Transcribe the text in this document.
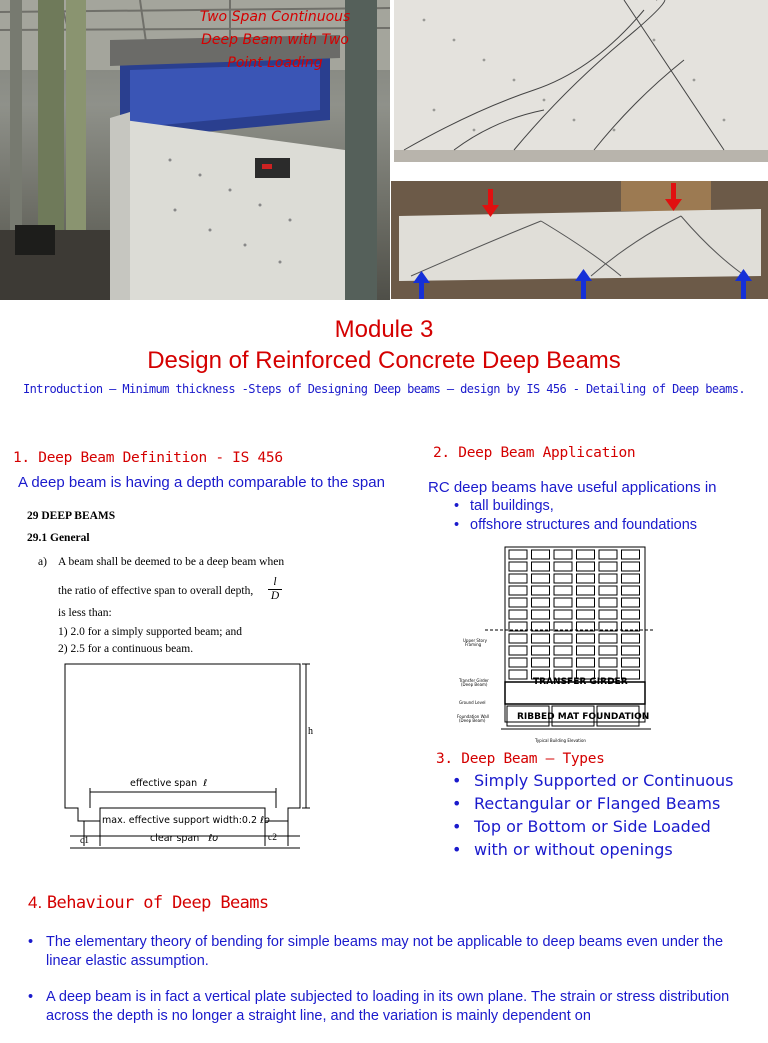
Two Span Continuous
Deep Beam with Two
Point Loading
Module 3
Design of Reinforced Concrete Deep Beams
Introduction – Minimum thickness -Steps of Designing Deep beams – design by IS 456 - Detailing of Deep beams.
1. Deep Beam Definition - IS 456
A deep beam is having a depth comparable to the span
29 DEEP BEAMS
29.1 General
a) A beam shall be deemed to be a deep beam when
the ratio of effective span to overall depth,
l
D
is less than:
1) 2.0 for a simply supported beam; and
2) 2.5 for a continuous beam.
h
effective span ℓ
max. effective support width:0.2 ℓo
clear span ℓo
c1	c2
2. Deep Beam Application
RC deep beams have useful applications in
• tall buildings,
• offshore structures and foundations
Upper Story
Framing
Transfer Girder
(Deep Beam)
Ground Level
Foundation Wall
(Deep Beam)
Typical Building Elevation
TRANSFER GIRDER
RIBBED MAT FOUNDATION
3. Deep Beam – Types
• Simply Supported or Continuous
• Rectangular or Flanged Beams
• Top or Bottom or Side Loaded
• with or without openings
4. Behaviour of Deep Beams
• The elementary theory of bending for simple beams may not be applicable to deep beams even under the linear elastic assumption.
• A deep beam is in fact a vertical plate subjected to loading in its own plane. The strain or stress distribution across the depth is no longer a straight line, and the variation is mainly dependent on
